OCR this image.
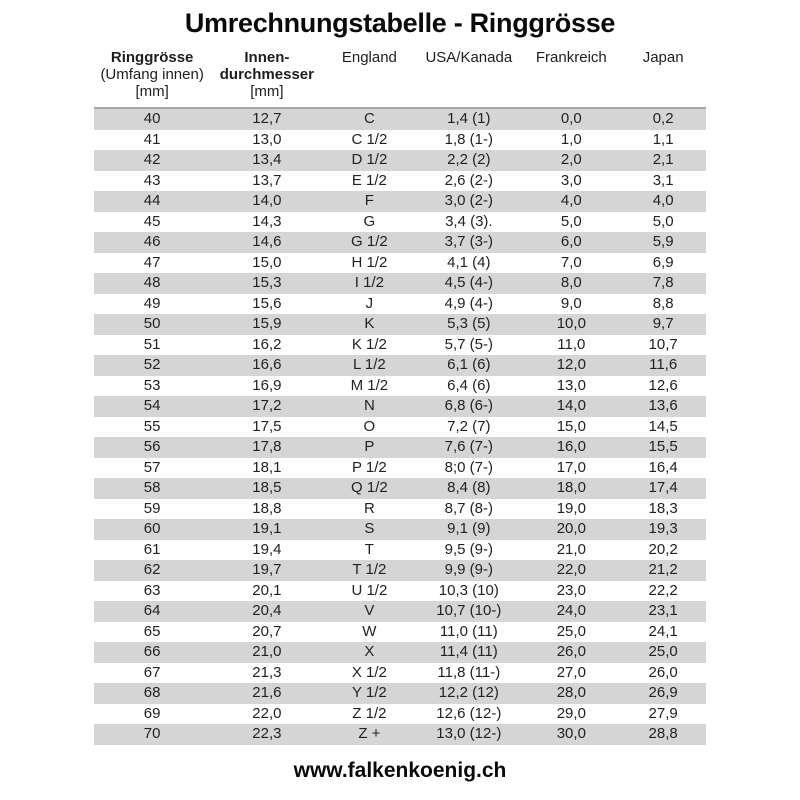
Umrechnungstabelle - Ringgrösse
Ringgrösse
(Umfang innen)
[mm]	Innen-
durchmesser
[mm]	England	USA/Kanada	Frankreich	Japan

40	12,7	C	1,4 (1)	0,0	0,2
41	13,0	C 1/2	1,8 (1-)	1,0	1,1
42	13,4	D 1/2	2,2 (2)	2,0	2,1
43	13,7	E 1/2	2,6 (2-)	3,0	3,1
44	14,0	F	3,0 (2-)	4,0	4,0
45	14,3	G	3,4 (3).	5,0	5,0
46	14,6	G 1/2	3,7 (3-)	6,0	5,9
47	15,0	H 1/2	4,1 (4)	7,0	6,9
48	15,3	I 1/2	4,5 (4-)	8,0	7,8
49	15,6	J	4,9 (4-)	9,0	8,8
50	15,9	K	5,3 (5)	10,0	9,7
51	16,2	K 1/2	5,7 (5-)	11,0	10,7
52	16,6	L 1/2	6,1 (6)	12,0	11,6
53	16,9	M 1/2	6,4 (6)	13,0	12,6
54	17,2	N	6,8 (6-)	14,0	13,6
55	17,5	O	7,2 (7)	15,0	14,5
56	17,8	P	7,6 (7-)	16,0	15,5
57	18,1	P 1/2	8;0 (7-)	17,0	16,4
58	18,5	Q 1/2	8,4 (8)	18,0	17,4
59	18,8	R	8,7 (8-)	19,0	18,3
60	19,1	S	9,1 (9)	20,0	19,3
61	19,4	T	9,5 (9-)	21,0	20,2
62	19,7	T 1/2	9,9 (9-)	22,0	21,2
63	20,1	U 1/2	10,3 (10)	23,0	22,2
64	20,4	V	10,7 (10-)	24,0	23,1
65	20,7	W	11,0 (11)	25,0	24,1
66	21,0	X	11,4 (11)	26,0	25,0
67	21,3	X 1/2	11,8 (11-)	27,0	26,0
68	21,6	Y 1/2	12,2 (12)	28,0	26,9
69	22,0	Z 1/2	12,6 (12-)	29,0	27,9
70	22,3	Z +	13,0 (12-)	30,0	28,8
www.falkenkoenig.ch
